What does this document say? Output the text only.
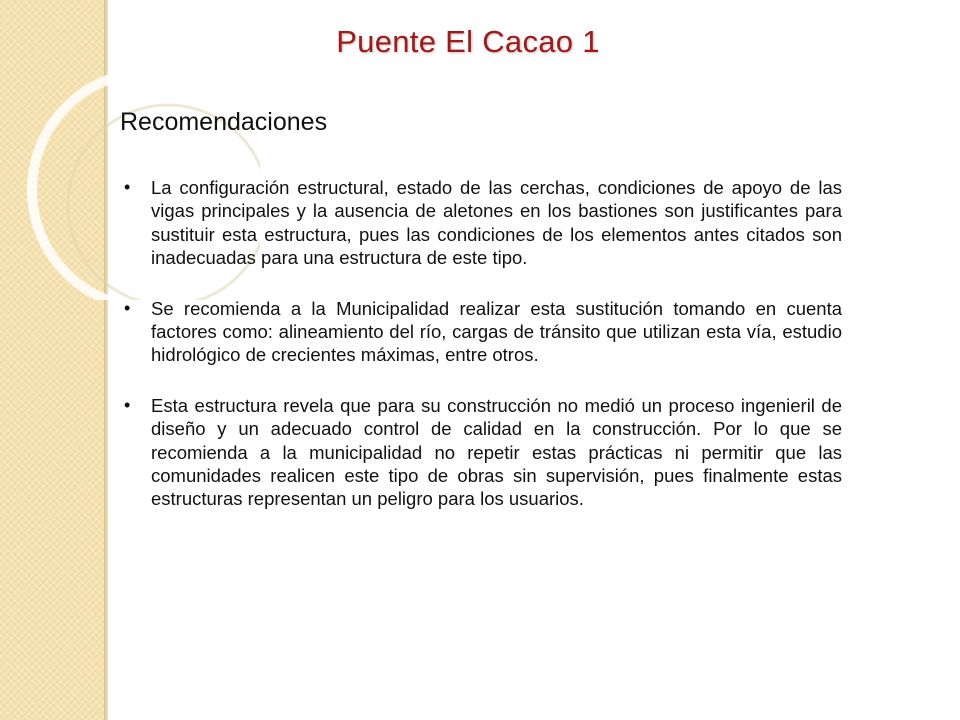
Puente El Cacao 1
Recomendaciones
• La configuración estructural, estado de las cerchas, condiciones de apoyo de las vigas principales y la ausencia de aletones en los bastiones son justificantes para sustituir esta estructura, pues las condiciones de los elementos antes citados son inadecuadas para una estructura de este tipo.
• Se recomienda a la Municipalidad realizar esta sustitución tomando en cuenta factores como: alineamiento del río, cargas de tránsito que utilizan esta vía, estudio hidrológico de crecientes máximas, entre otros.
• Esta estructura revela que para su construcción no medió un proceso ingenieril de diseño y un adecuado control de calidad en la construcción. Por lo que se recomienda a la municipalidad no repetir estas prácticas ni permitir que las comunidades realicen este tipo de obras sin supervisión, pues finalmente estas estructuras representan un peligro para los usuarios.
